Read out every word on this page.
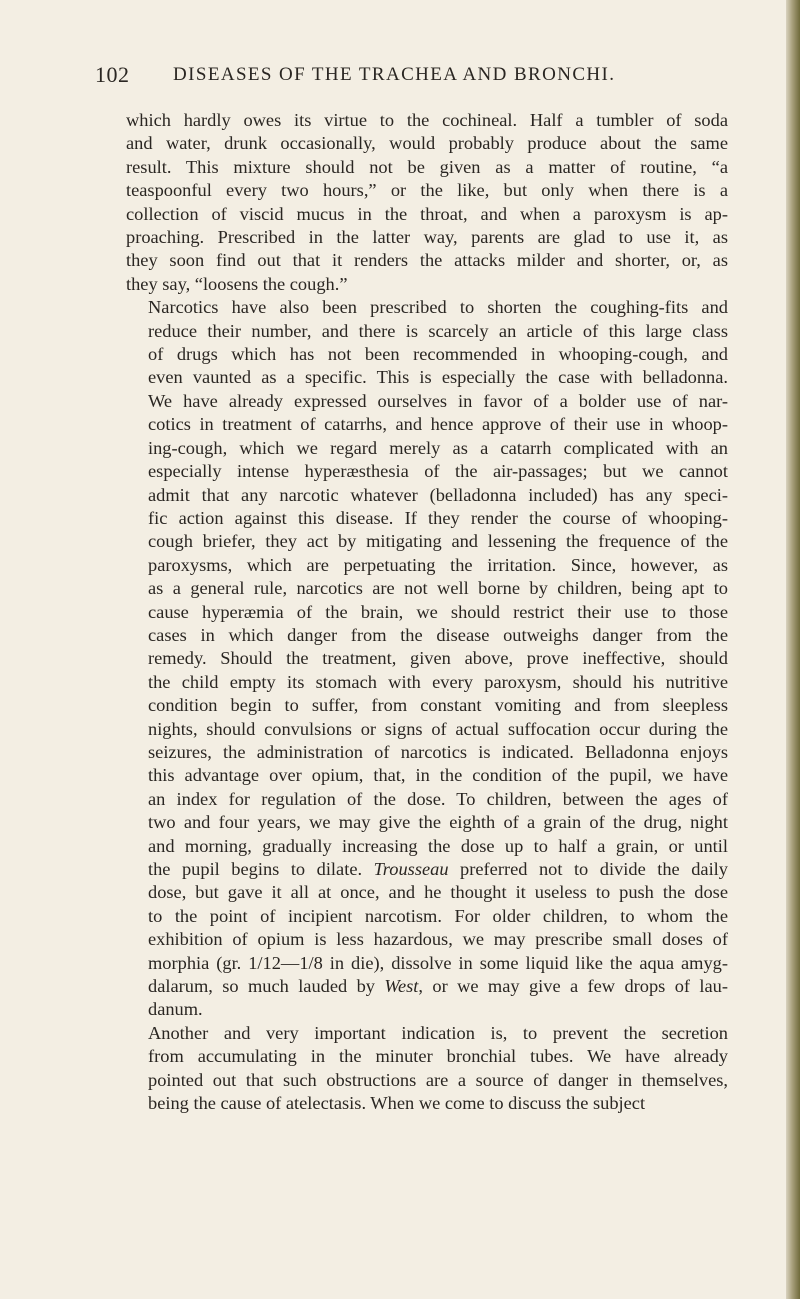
102 DISEASES OF THE TRACHEA AND BRONCHI.

which hardly owes its virtue to the cochineal. Half a tumbler of soda
and water, drunk occasionally, would probably produce about the same
result. This mixture should not be given as a matter of routine, “a
teaspoonful every two hours,” or the like, but only when there is a
collection of viscid mucus in the throat, and when a paroxysm is ap-
proaching. Prescribed in the latter way, parents are glad to use it, as
they soon find out that it renders the attacks milder and shorter, or, as
they say, “loosens the cough.”

Narcotics have also been prescribed to shorten the coughing-fits and
reduce their number, and there is scarcely an article of this large class
of drugs which has not been recommended in whooping-cough, and
even vaunted as a specific. This is especially the case with belladonna.
We have already expressed ourselves in favor of a bolder use of nar-
cotics in treatment of catarrhs, and hence approve of their use in whoop-
ing-cough, which we regard merely as a catarrh complicated with an
especially intense hyperæsthesia of the air-passages; but we cannot
admit that any narcotic whatever (belladonna included) has any speci-
fic action against this disease. If they render the course of whooping-
cough briefer, they act by mitigating and lessening the frequence of the
paroxysms, which are perpetuating the irritation. Since, however, as
as a general rule, narcotics are not well borne by children, being apt to
cause hyperæmia of the brain, we should restrict their use to those
cases in which danger from the disease outweighs danger from the
remedy. Should the treatment, given above, prove ineffective, should
the child empty its stomach with every paroxysm, should his nutritive
condition begin to suffer, from constant vomiting and from sleepless
nights, should convulsions or signs of actual suffocation occur during the
seizures, the administration of narcotics is indicated. Belladonna enjoys
this advantage over opium, that, in the condition of the pupil, we have
an index for regulation of the dose. To children, between the ages of
two and four years, we may give the eighth of a grain of the drug, night
and morning, gradually increasing the dose up to half a grain, or until
the pupil begins to dilate. Trousseau preferred not to divide the daily
dose, but gave it all at once, and he thought it useless to push the dose
to the point of incipient narcotism. For older children, to whom the
exhibition of opium is less hazardous, we may prescribe small doses of
morphia (gr. 1/12—1/8 in die), dissolve in some liquid like the aqua amyg-
dalarum, so much lauded by West, or we may give a few drops of lau-
danum.

Another and very important indication is, to prevent the secretion
from accumulating in the minuter bronchial tubes. We have already
pointed out that such obstructions are a source of danger in themselves,
being the cause of atelectasis. When we come to discuss the subject
